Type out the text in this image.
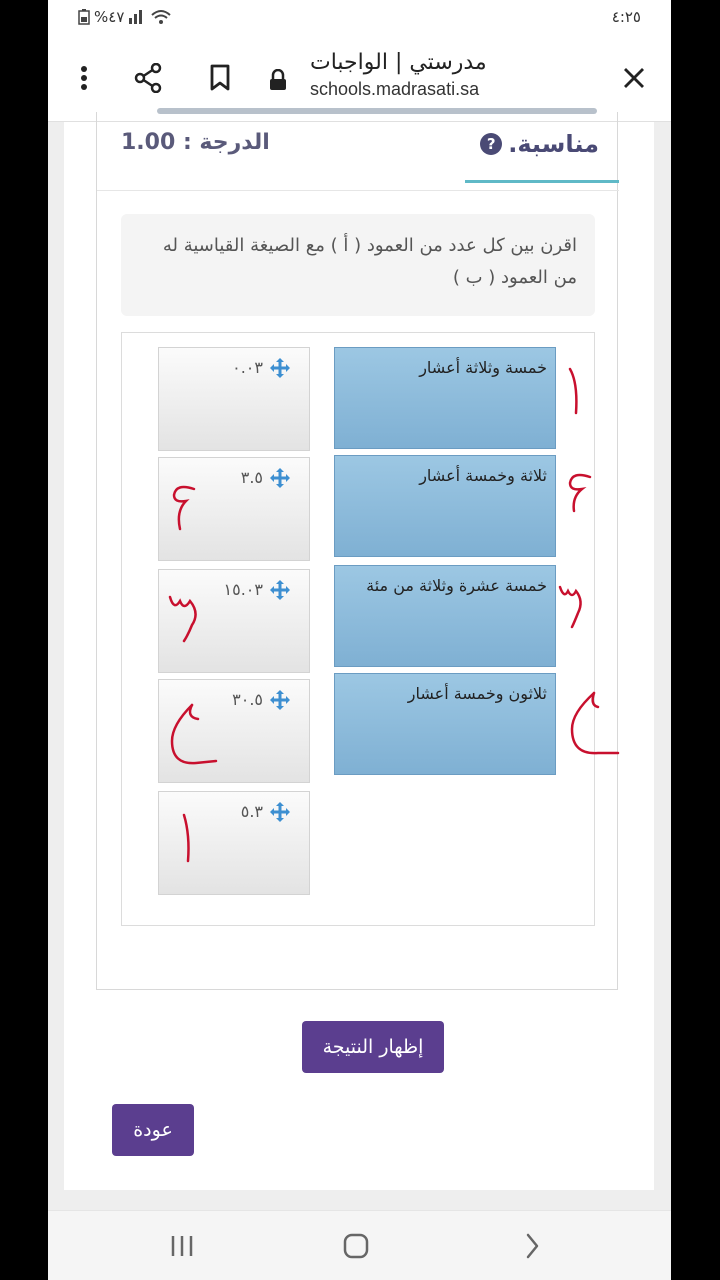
%٤٧	٤:٢٥
مدرستي | الواجبات
schools.madrasati.sa
الدرجة : 1.00	مناسبة.
?
اقرن بين كل عدد من العمود ( أ ) مع الصيغة القياسية له من العمود ( ب )
خمسة وثلاثة أعشار
ثلاثة وخمسة أعشار
خمسة عشرة وثلاثة من مئة
ثلاثون وخمسة أعشار
٠.٠٣
٣.٥
١٥.٠٣
٣٠.٥
٥.٣
إظهار النتيجة
عودة
